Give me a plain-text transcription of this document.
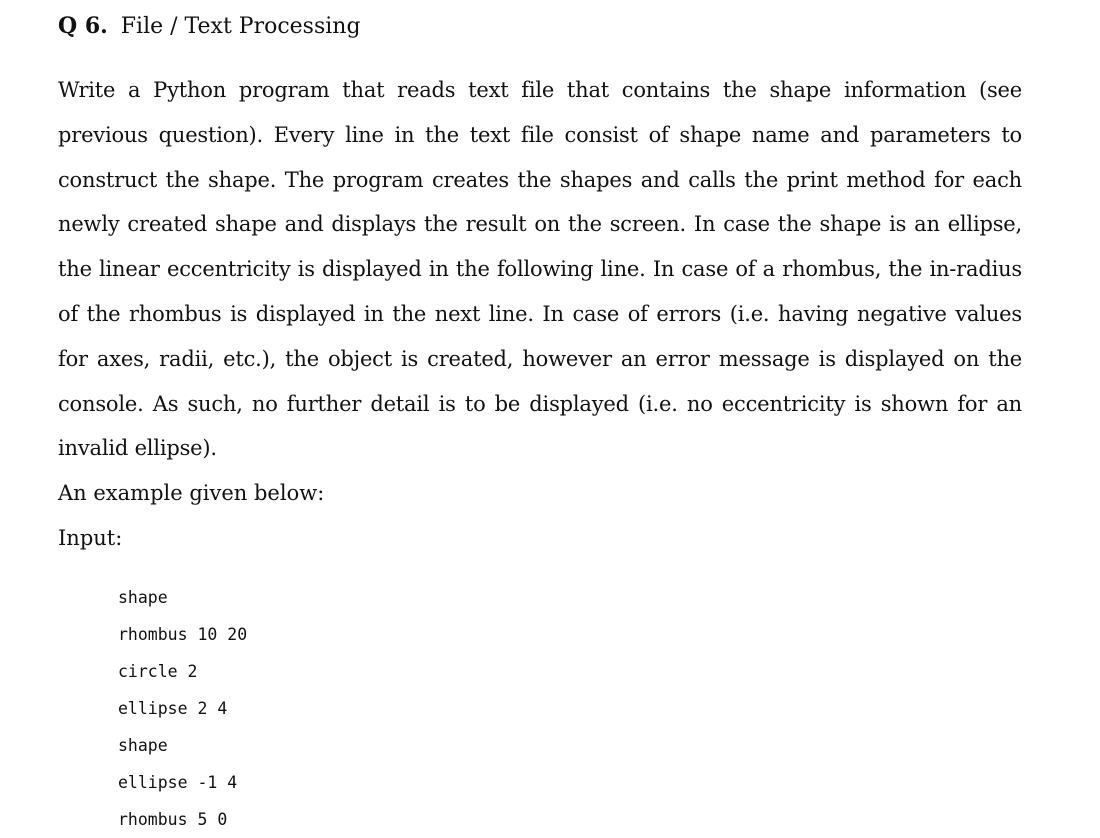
Q 6. File / Text Processing
Write a Python program that reads text file that contains the shape information (see previous question). Every line in the text file consist of shape name and parameters to construct the shape. The program creates the shapes and calls the print method for each newly created shape and displays the result on the screen. In case the shape is an ellipse, the linear eccentricity is displayed in the following line. In case of a rhombus, the in-radius of the rhombus is displayed in the next line. In case of errors (i.e. having negative values for axes, radii, etc.), the object is created, however an error message is displayed on the console. As such, no further detail is to be displayed (i.e. no eccentricity is shown for an invalid ellipse).
An example given below:
Input:
shape
rhombus 10 20
circle 2
ellipse 2 4
shape
ellipse -1 4
rhombus 5 0
